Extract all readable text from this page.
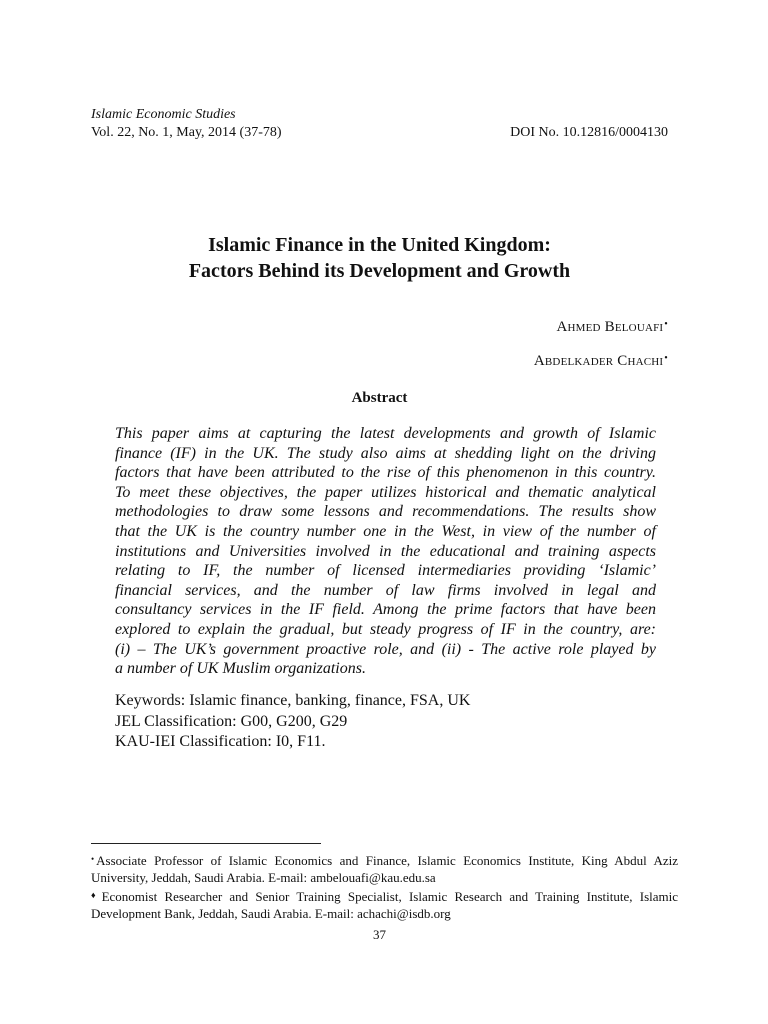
Islamic Economic Studies
Vol. 22, No. 1, May, 2014 (37-78)	DOI No. 10.12816/0004130
Islamic Finance in the United Kingdom:
Factors Behind its Development and Growth
Ahmed Belouafi•
Abdelkader Chachi•
Abstract
This paper aims at capturing the latest developments and growth of Islamic
finance (IF) in the UK. The study also aims at shedding light on the driving
factors that have been attributed to the rise of this phenomenon in this country.
To meet these objectives, the paper utilizes historical and thematic analytical
methodologies to draw some lessons and recommendations. The results show
that the UK is the country number one in the West, in view of the number of
institutions and Universities involved in the educational and training aspects
relating to IF, the number of licensed intermediaries providing ‘Islamic’
financial services, and the number of law firms involved in legal and
consultancy services in the IF field. Among the prime factors that have been
explored to explain the gradual, but steady progress of IF in the country, are:
(i) – The UK’s government proactive role, and (ii) - The active role played by
a number of UK Muslim organizations.
Keywords: Islamic finance, banking, finance, FSA, UK
JEL Classification: G00, G200, G29
KAU-IEI Classification: I0, F11.
• Associate Professor of Islamic Economics and Finance, Islamic Economics Institute, King Abdul Aziz University, Jeddah, Saudi Arabia. E-mail: ambelouafi@kau.edu.sa
♦ Economist Researcher and Senior Training Specialist, Islamic Research and Training Institute, Islamic Development Bank, Jeddah, Saudi Arabia. E-mail: achachi@isdb.org
37
